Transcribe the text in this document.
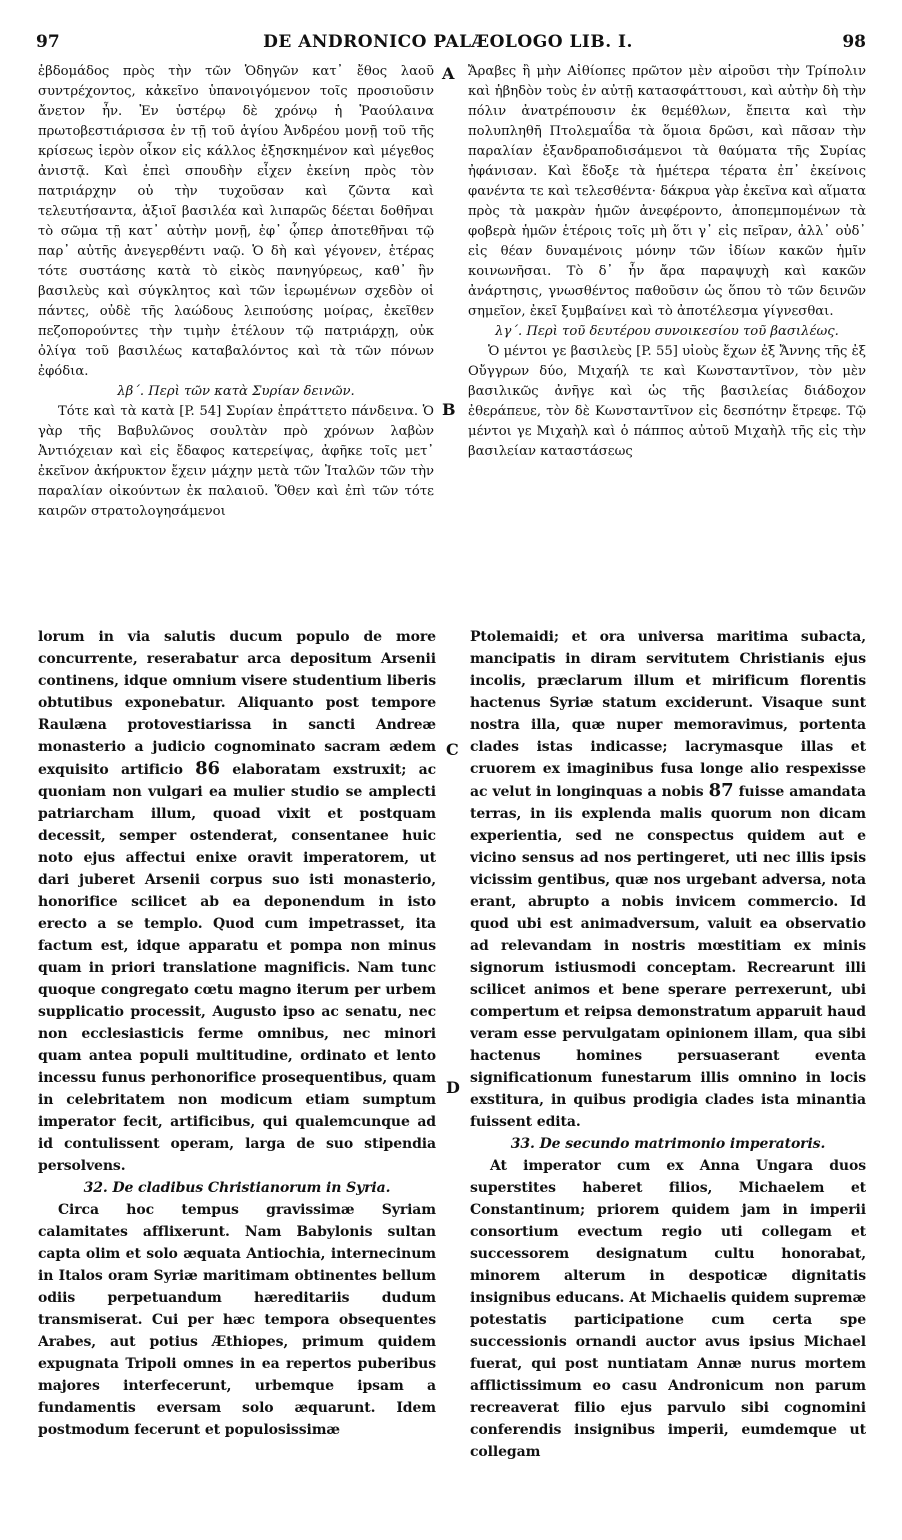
97	DE ANDRONICO PALÆOLOGO LIB. I.	98

ἑβδομάδος πρὸς τὴν τῶν Ὁδηγῶν κατ᾽ ἔθος λαοῦ συντρέχοντος, κἀκεῖνο ὑπανοιγόμενον τοῖς προσιοῦσιν ἄνετον ἦν. Ἐν ὑστέρῳ δὲ χρόνῳ ἡ Ῥαούλαινα πρωτοβεστιάρισσα ἐν τῇ τοῦ ἁγίου Ἀνδρέου μονῇ τοῦ τῆς κρίσεως ἱερὸν οἶκον εἰς κάλλος ἐξησκημένον καὶ μέγεθος ἀνιστᾷ. Καὶ ἐπεὶ σπουδὴν εἶχεν ἐκείνη πρὸς τὸν πατριάρχην οὐ τὴν τυχοῦσαν καὶ ζῶντα καὶ τελευτήσαντα, ἀξιοῖ βασιλέα καὶ λιπαρῶς δέεται δοθῆναι τὸ σῶμα τῇ κατ᾽ αὐτὴν μονῇ, ἐφ᾽ ᾧπερ ἀποτεθῆναι τῷ παρ᾽ αὐτῆς ἀνεγερθέντι ναῷ. Ὁ δὴ καὶ γέγονεν, ἑτέρας τότε συστάσης κατὰ τὸ εἰκὸς πανηγύρεως, καθ᾽ ἣν βασιλεὺς καὶ σύγκλητος καὶ τῶν ἱερωμένων σχεδὸν οἱ πάντες, οὐδὲ τῆς λαώδους λειπούσης μοίρας, ἐκεῖθεν πεζοπορούντες τὴν τιμὴν ἐτέλουν τῷ πατριάρχῃ, οὐκ ὀλίγα τοῦ βασιλέως καταβαλόντος καὶ τὰ τῶν πόνων ἐφόδια.

λβ΄. Περὶ τῶν κατὰ Συρίαν δεινῶν.

Τότε καὶ τὰ κατὰ [P. 54] Συρίαν ἐπράττετο πάνδεινα. Ὁ γὰρ τῆς Βαβυλῶνος σουλτὰν πρὸ χρόνων λαβὼν Ἀντιόχειαν καὶ εἰς ἔδαφος κατερείψας, ἀφῆκε τοῖς μετ᾽ ἐκεῖνον ἀκήρυκτον ἔχειν μάχην μετὰ τῶν Ἰταλῶν τῶν τὴν παραλίαν οἰκούντων ἐκ παλαιοῦ. Ὅθεν καὶ ἐπὶ τῶν τότε καιρῶν στρατολογησάμενοι

Ἄραβες ἢ μὴν Αἰθίοπες πρῶτον μὲν αἱροῦσι τὴν Τρίπολιν καὶ ἡβηδὸν τοὺς ἐν αὐτῇ κατασφάττουσι, καὶ αὐτὴν δὴ τὴν πόλιν ἀνατρέπουσιν ἐκ θεμέθλων, ἔπειτα καὶ τὴν πολυπληθῆ Πτολεμαΐδα τὰ ὅμοια δρῶσι, καὶ πᾶσαν τὴν παραλίαν ἐξανδραποδισάμενοι τὰ θαύματα τῆς Συρίας ἠφάνισαν. Καὶ ἔδοξε τὰ ἡμέτερα τέρατα ἐπ᾽ ἐκείνοις φανέντα τε καὶ τελεσθέντα· δάκρυα γὰρ ἐκεῖνα καὶ αἵματα πρὸς τὰ μακρὰν ἡμῶν ἀνεφέροντο, ἀποπεμπομένων τὰ φοβερὰ ἡμῶν ἑτέροις τοῖς μὴ ὅτι γ᾽ εἰς πεῖραν, ἀλλ᾽ οὐδ᾽ εἰς θέαν δυναμένοις μόνην τῶν ἰδίων κακῶν ἡμῖν κοινωνῆσαι. Τὸ δ᾽ ἦν ἄρα παραψυχὴ καὶ κακῶν ἀνάρτησις, γνωσθέντος παθοῦσιν ὡς ὅπου τὸ τῶν δεινῶν σημεῖον, ἐκεῖ ξυμβαίνει καὶ τὸ ἀποτέλεσμα γίγνεσθαι.

λγ΄. Περὶ τοῦ δευτέρου συνοικεσίου τοῦ βασιλέως.

Ὁ μέντοι γε βασιλεὺς [P. 55] υἱοὺς ἔχων ἐξ Ἄννης τῆς ἐξ Οὔγγρων δύο, Μιχαήλ τε καὶ Κωνσταντῖνον, τὸν μὲν βασιλικῶς ἀνῆγε καὶ ὡς τῆς βασιλείας διάδοχον ἐθεράπευε, τὸν δὲ Κωνσταντῖνον εἰς δεσπότην ἔτρεφε. Τῷ μέντοι γε Μιχαὴλ καὶ ὁ πάππος αὐτοῦ Μιχαὴλ τῆς εἰς τὴν βασιλείαν καταστάσεως

A
B
C
D

lorum in via salutis ducum populo de more concurrente, reserabatur arca depositum Arsenii continens, idque omnium visere studentium liberis obtutibus exponebatur. Aliquanto post tempore Raulæna protovestiarissa in sancti Andreæ monasterio a judicio cognominato sacram ædem exquisito artificio 86 elaboratam exstruxit; ac quoniam non vulgari ea mulier studio se amplecti patriarcham illum, quoad vixit et postquam decessit, semper ostenderat, consentanee huic noto ejus affectui enixe oravit imperatorem, ut dari juberet Arsenii corpus suo isti monasterio, honorifice scilicet ab ea deponendum in isto erecto a se templo. Quod cum impetrasset, ita factum est, idque apparatu et pompa non minus quam in priori translatione magnificis. Nam tunc quoque congregato cœtu magno iterum per urbem supplicatio processit, Augusto ipso ac senatu, nec non ecclesiasticis ferme omnibus, nec minori quam antea populi multitudine, ordinato et lento incessu funus perhonorifice prosequentibus, quam in celebritatem non modicum etiam sumptum imperator fecit, artificibus, qui qualemcunque ad id contulissent operam, larga de suo stipendia persolvens.

32. De cladibus Christianorum in Syria.

Circa hoc tempus gravissimæ Syriam calamitates afflixerunt. Nam Babylonis sultan capta olim et solo æquata Antiochia, internecinum in Italos oram Syriæ maritimam obtinentes bellum odiis perpetuandum hæreditariis dudum transmiserat. Cui per hæc tempora obsequentes Arabes, aut potius Æthiopes, primum quidem expugnata Tripoli omnes in ea repertos puberibus majores interfecerunt, urbemque ipsam a fundamentis eversam solo æquarunt. Idem postmodum fecerunt et populosissimæ

Ptolemaidi; et ora universa maritima subacta, mancipatis in diram servitutem Christianis ejus incolis, præclarum illum et mirificum florentis hactenus Syriæ statum exciderunt. Visaque sunt nostra illa, quæ nuper memoravimus, portenta clades istas indicasse; lacrymasque illas et cruorem ex imaginibus fusa longe alio respexisse ac velut in longinquas a nobis 87 fuisse amandata terras, in iis explenda malis quorum non dicam experientia, sed ne conspectus quidem aut e vicino sensus ad nos pertingeret, uti nec illis ipsis vicissim gentibus, quæ nos urgebant adversa, nota erant, abrupto a nobis invicem commercio. Id quod ubi est animadversum, valuit ea observatio ad relevandam in nostris mœstitiam ex minis signorum istiusmodi conceptam. Recrearunt illi scilicet animos et bene sperare perrexerunt, ubi compertum et reipsa demonstratum apparuit haud veram esse pervulgatam opinionem illam, qua sibi hactenus homines persuaserant eventa significationum funestarum illis omnino in locis exstitura, in quibus prodigia clades ista minantia fuissent edita.

33. De secundo matrimonio imperatoris.

At imperator cum ex Anna Ungara duos superstites haberet filios, Michaelem et Constantinum; priorem quidem jam in imperii consortium evectum regio uti collegam et successorem designatum cultu honorabat, minorem alterum in despoticæ dignitatis insignibus educans. At Michaelis quidem supremæ potestatis participatione cum certa spe successionis ornandi auctor avus ipsius Michael fuerat, qui post nuntiatam Annæ nurus mortem afflictissimum eo casu Andronicum non parum recreaverat filio ejus parvulo sibi cognomini conferendis insignibus imperii, eumdemque ut collegam
